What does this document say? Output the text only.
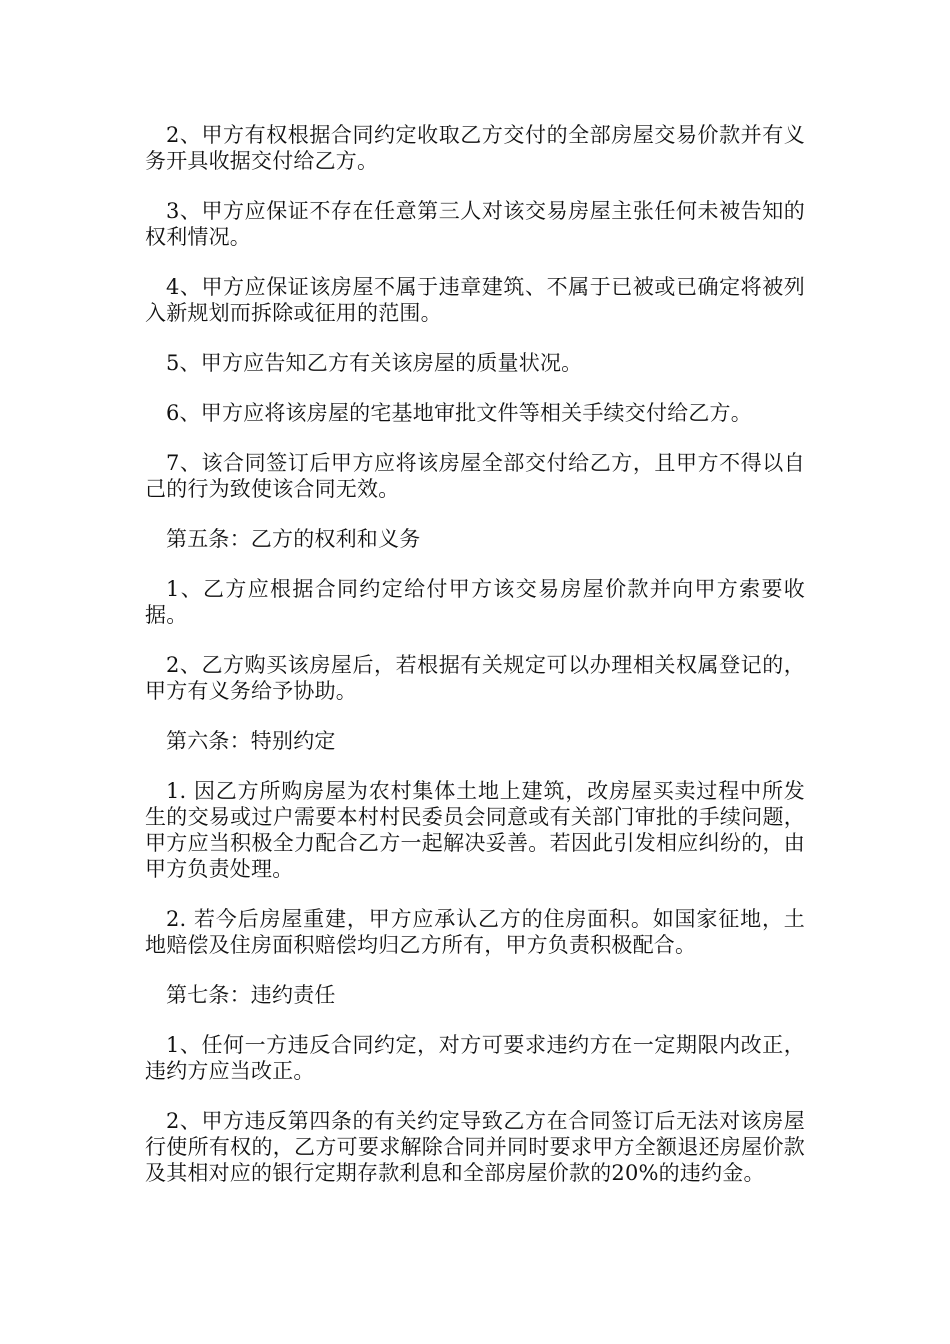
2、甲方有权根据合同约定收取乙方交付的全部房屋交易价款并有义务开具收据交付给乙方。

3、甲方应保证不存在任意第三人对该交易房屋主张任何未被告知的权利情况。

4、甲方应保证该房屋不属于违章建筑、不属于已被或已确定将被列入新规划而拆除或征用的范围。

5、甲方应告知乙方有关该房屋的质量状况。

6、甲方应将该房屋的宅基地审批文件等相关手续交付给乙方。

7、该合同签订后甲方应将该房屋全部交付给乙方，且甲方不得以自己的行为致使该合同无效。

第五条：乙方的权利和义务

1、乙方应根据合同约定给付甲方该交易房屋价款并向甲方索要收据。

2、乙方购买该房屋后，若根据有关规定可以办理相关权属登记的，甲方有义务给予协助。

第六条：特别约定

1. 因乙方所购房屋为农村集体土地上建筑，改房屋买卖过程中所发生的交易或过户需要本村村民委员会同意或有关部门审批的手续问题，甲方应当积极全力配合乙方一起解决妥善。若因此引发相应纠纷的，由甲方负责处理。

2. 若今后房屋重建，甲方应承认乙方的住房面积。如国家征地，土地赔偿及住房面积赔偿均归乙方所有，甲方负责积极配合。

第七条：违约责任

1、任何一方违反合同约定，对方可要求违约方在一定期限内改正，违约方应当改正。

2、甲方违反第四条的有关约定导致乙方在合同签订后无法对该房屋行使所有权的，乙方可要求解除合同并同时要求甲方全额退还房屋价款及其相对应的银行定期存款利息和全部房屋价款的20%的违约金。
